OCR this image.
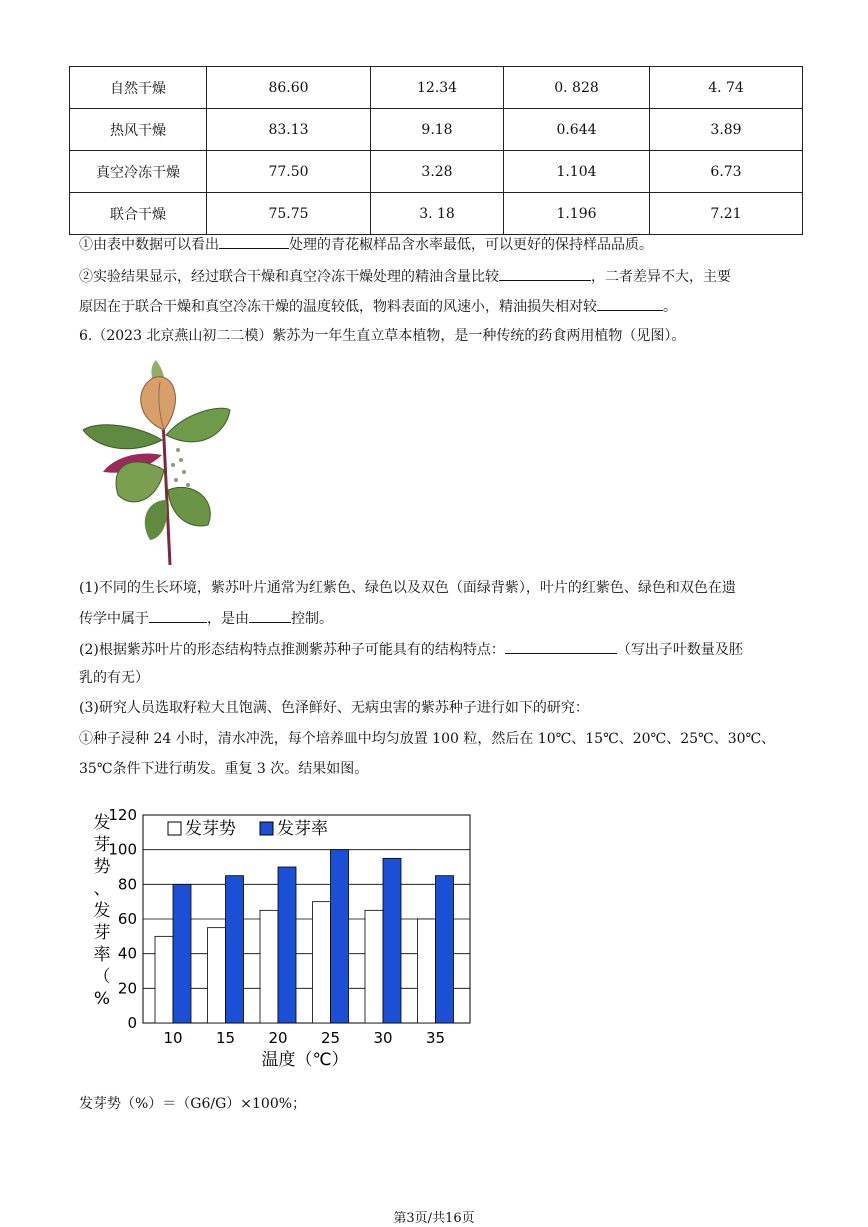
自然干燥	86.60	12.34	0. 828	4. 74
热风干燥	83.13	9.18	0.644	3.89
真空冷冻干燥	77.50	3.28	1.104	6.73
联合干燥	75.75	3. 18	1.196	7.21
①由表中数据可以看出	处理的青花椒样品含水率最低，可以更好的保持样品品质。
②实验结果显示，经过联合干燥和真空冷冻干燥处理的精油含量比较	，二者差异不大，主要
原因在于联合干燥和真空冷冻干燥的温度较低，物料表面的风速小，精油损失相对较	。
6.（2023 北京燕山初二二模）紫苏为一年生直立草本植物，是一种传统的药食两用植物（见图）。
(1)不同的生长环境，紫苏叶片通常为红紫色、绿色以及双色（面绿背紫），叶片的红紫色、绿色和双色在遗
传学中属于	，是由	控制。
(2)根据紫苏叶片的形态结构特点推测紫苏种子可能具有的结构特点：	（写出子叶数量及胚
乳的有无）
(3)研究人员选取籽粒大且饱满、色泽鲜好、无病虫害的紫苏种子进行如下的研究：
①种子浸种 24 小时，清水冲洗，每个培养皿中均匀放置 100 粒，然后在 10℃、15℃、20℃、25℃、30℃、
35℃条件下进行萌发。重复 3 次。结果如图。
0
20
40
60
80
100
120
10 15 20 25 30 35
发芽势 发芽率
温度（℃）
发芽势、发芽率（%
发芽势（%）＝（G6/G）×100%；
第3页/共16页
